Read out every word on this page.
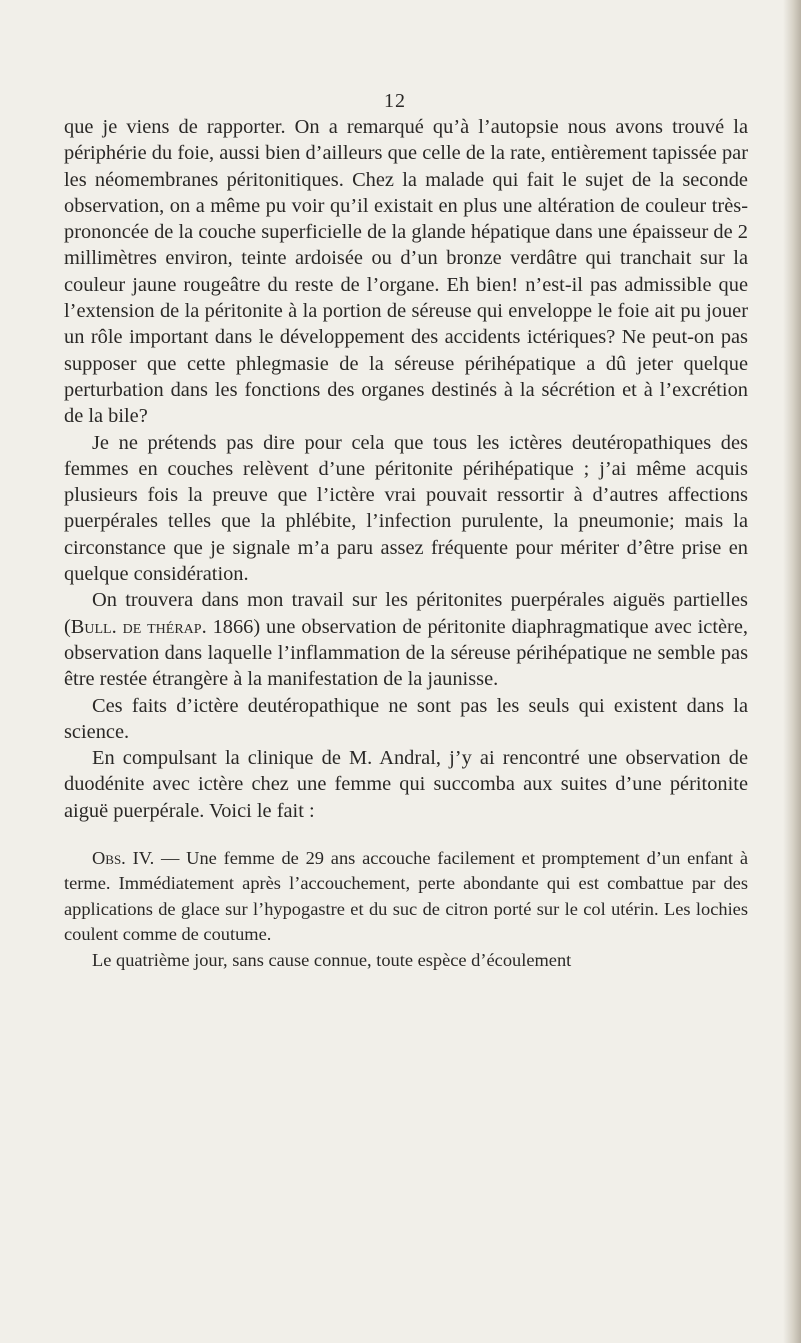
12

que je viens de rapporter. On a remarqué qu’à l’autopsie nous avons trouvé la périphérie du foie, aussi bien d’ailleurs que celle de la rate, entièrement tapissée par les néomembranes péritonitiques. Chez la malade qui fait le sujet de la seconde observation, on a même pu voir qu’il existait en plus une altération de couleur très-prononcée de la couche superficielle de la glande hépatique dans une épaisseur de 2 millimètres environ, teinte ardoisée ou d’un bronze verdâtre qui tranchait sur la couleur jaune rougeâtre du reste de l’organe. Eh bien! n’est-il pas admissible que l’extension de la péritonite à la portion de séreuse qui enveloppe le foie ait pu jouer un rôle important dans le développement des accidents ictériques? Ne peut-on pas supposer que cette phlegmasie de la séreuse périhépatique a dû jeter quelque perturbation dans les fonctions des organes destinés à la sécrétion et à l’excrétion de la bile?

Je ne prétends pas dire pour cela que tous les ictères deutéropathiques des femmes en couches relèvent d’une péritonite périhépatique ; j’ai même acquis plusieurs fois la preuve que l’ictère vrai pouvait ressortir à d’autres affections puerpérales telles que la phlébite, l’infection purulente, la pneumonie; mais la circonstance que je signale m’a paru assez fréquente pour mériter d’être prise en quelque considération.

On trouvera dans mon travail sur les péritonites puerpérales aiguës partielles (Bull. de thérap. 1866) une observation de péritonite diaphragmatique avec ictère, observation dans laquelle l’inflammation de la séreuse périhépatique ne semble pas être restée étrangère à la manifestation de la jaunisse.

Ces faits d’ictère deutéropathique ne sont pas les seuls qui existent dans la science.

En compulsant la clinique de M. Andral, j’y ai rencontré une observation de duodénite avec ictère chez une femme qui succomba aux suites d’une péritonite aiguë puerpérale. Voici le fait :

Obs. IV. — Une femme de 29 ans accouche facilement et promptement d’un enfant à terme. Immédiatement après l’accouchement, perte abondante qui est combattue par des applications de glace sur l’hypogastre et du suc de citron porté sur le col utérin. Les lochies coulent comme de coutume.

Le quatrième jour, sans cause connue, toute espèce d’écoulement
